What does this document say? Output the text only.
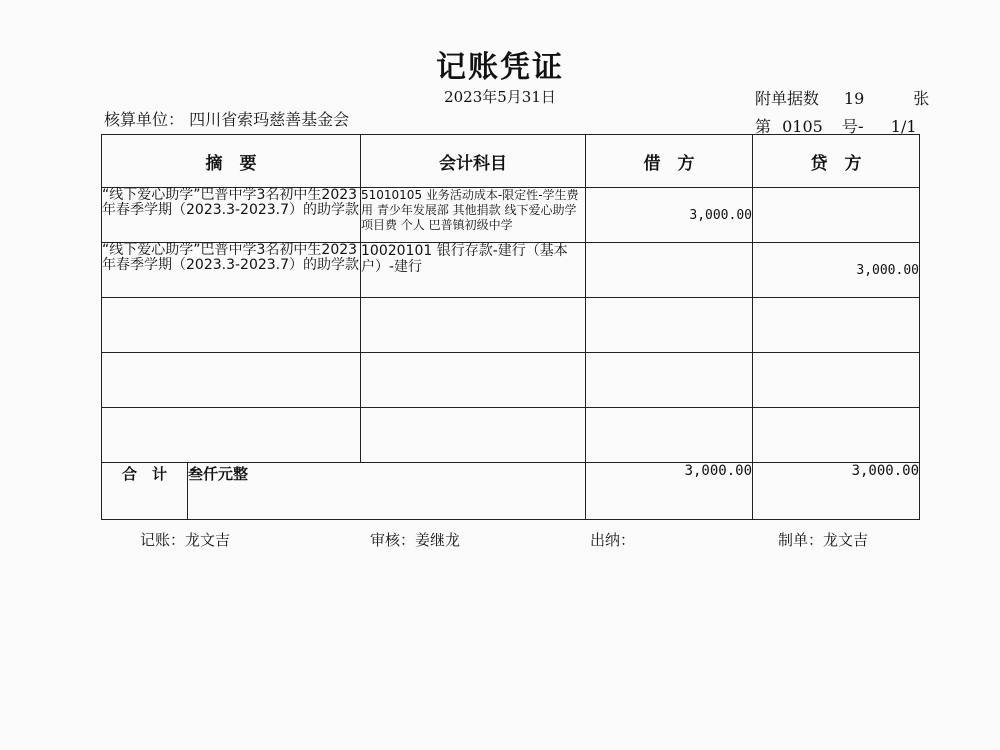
记账凭证
2023年5月31日
核算单位： 四川省索玛慈善基金会
附单据数 19	张
第 0105 号- 1/1
摘　要		会计科目	借　方	贷　方
“线下爱心助学”巴普中学3名初中生2023年春季学期（2023.3-2023.7）的助学款		51010105 业务活动成本-限定性-学生费用 青少年发展部 其他捐款 线下爱心助学 项目费 个人 巴普镇初级中学	3,000.00	
“线下爱心助学”巴普中学3名初中生2023年春季学期（2023.3-2023.7）的助学款		10020101 银行存款-建行（基本户）-建行		3,000.00

合　计	叁仟元整		3,000.00	3,000.00
记账：龙文吉	审核：姜继龙	出纳：	制单：龙文吉
